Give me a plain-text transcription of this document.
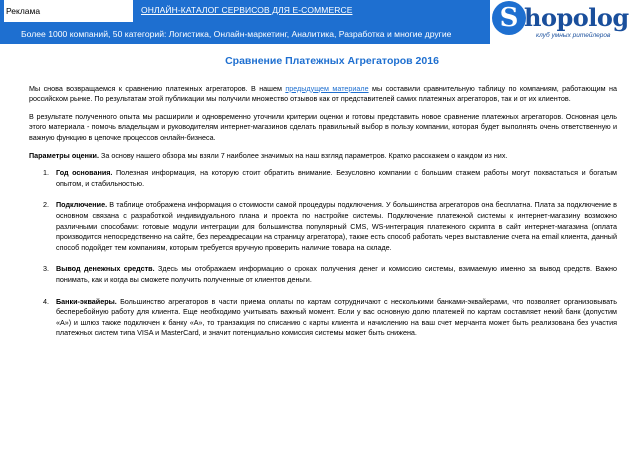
Реклама	ОНЛАЙН-КАТАЛОГ СЕРВИСОВ ДЛЯ E-COMMERCE
Более 1000 компаний, 50 категорий: Логистика, Онлайн-маркетинг, Аналитика, Разработка и многие другие
S hopolog
клуб умных ритейлеров
Сравнение Платежных Агрегаторов 2016
Мы снова возвращаемся к сравнению платежных агрегаторов. В нашем предыдущем материале мы составили сравнительную таблицу по компаниям, работающим на российском рынке. По результатам этой публикации мы получили множество отзывов как от представителей самих платежных агрегаторов, так и от их клиентов.
В результате полученного опыта мы расширили и одновременно уточнили критерии оценки и готовы представить новое сравнение платежных агрегаторов. Основная цель этого материала - помочь владельцам и руководителям интернет-магазинов сделать правильный выбор в пользу компании, которая будет выполнять очень ответственную и важную функцию в цепочке процессов онлайн-бизнеса.
Параметры оценки. За основу нашего обзора мы взяли 7 наиболее значимых на наш взгляд параметров. Кратко расскажем о каждом из них.
1. Год основания. Полезная информация, на которую стоит обратить внимание. Безусловно компании с большим стажем работы могут похвастаться и богатым опытом, и стабильностью.
2. Подключение. В таблице отображена информация о стоимости самой процедуры подключения. У большинства агрегаторов она бесплатна. Плата за подключение в основном связана с разработкой индивидуального плана и проекта по настройке системы. Подключение платежной системы к интернет-магазину возможно различными способами: готовые модули интеграции для большинства популярный CMS, WS-интеграция платежного скрипта в сайт интернет-магазина (оплата производится непосредственно на сайте, без переадресации на страницу агрегатора), также есть способ работать через выставление счета на email клиента, данный способ подойдет тем компаниям, которым требуется вручную проверить наличие товара на складе.
3. Вывод денежных средств. Здесь мы отображаем информацию о сроках получения денег и комиссию системы, взимаемую именно за вывод средств. Важно понимать, как и когда вы сможете получить полученные от клиентов деньги.
4. Банки-эквайеры. Большинство агрегаторов в части приема оплаты по картам сотрудничают с несколькими банками-эквайерами, что позволяет организовывать бесперебойную работу для клиента. Еще необходимо учитывать важный момент. Если у вас основную долю платежей по картам составляет некий банк (допустим «А») и шлюз также подключен к банку «А», то транзакция по списанию с карты клиента и начислению на ваш счет мерчанта может быть реализована без участия платежных систем типа VISA и MasterCard, и значит потенциально комиссия системы может быть снижена.
